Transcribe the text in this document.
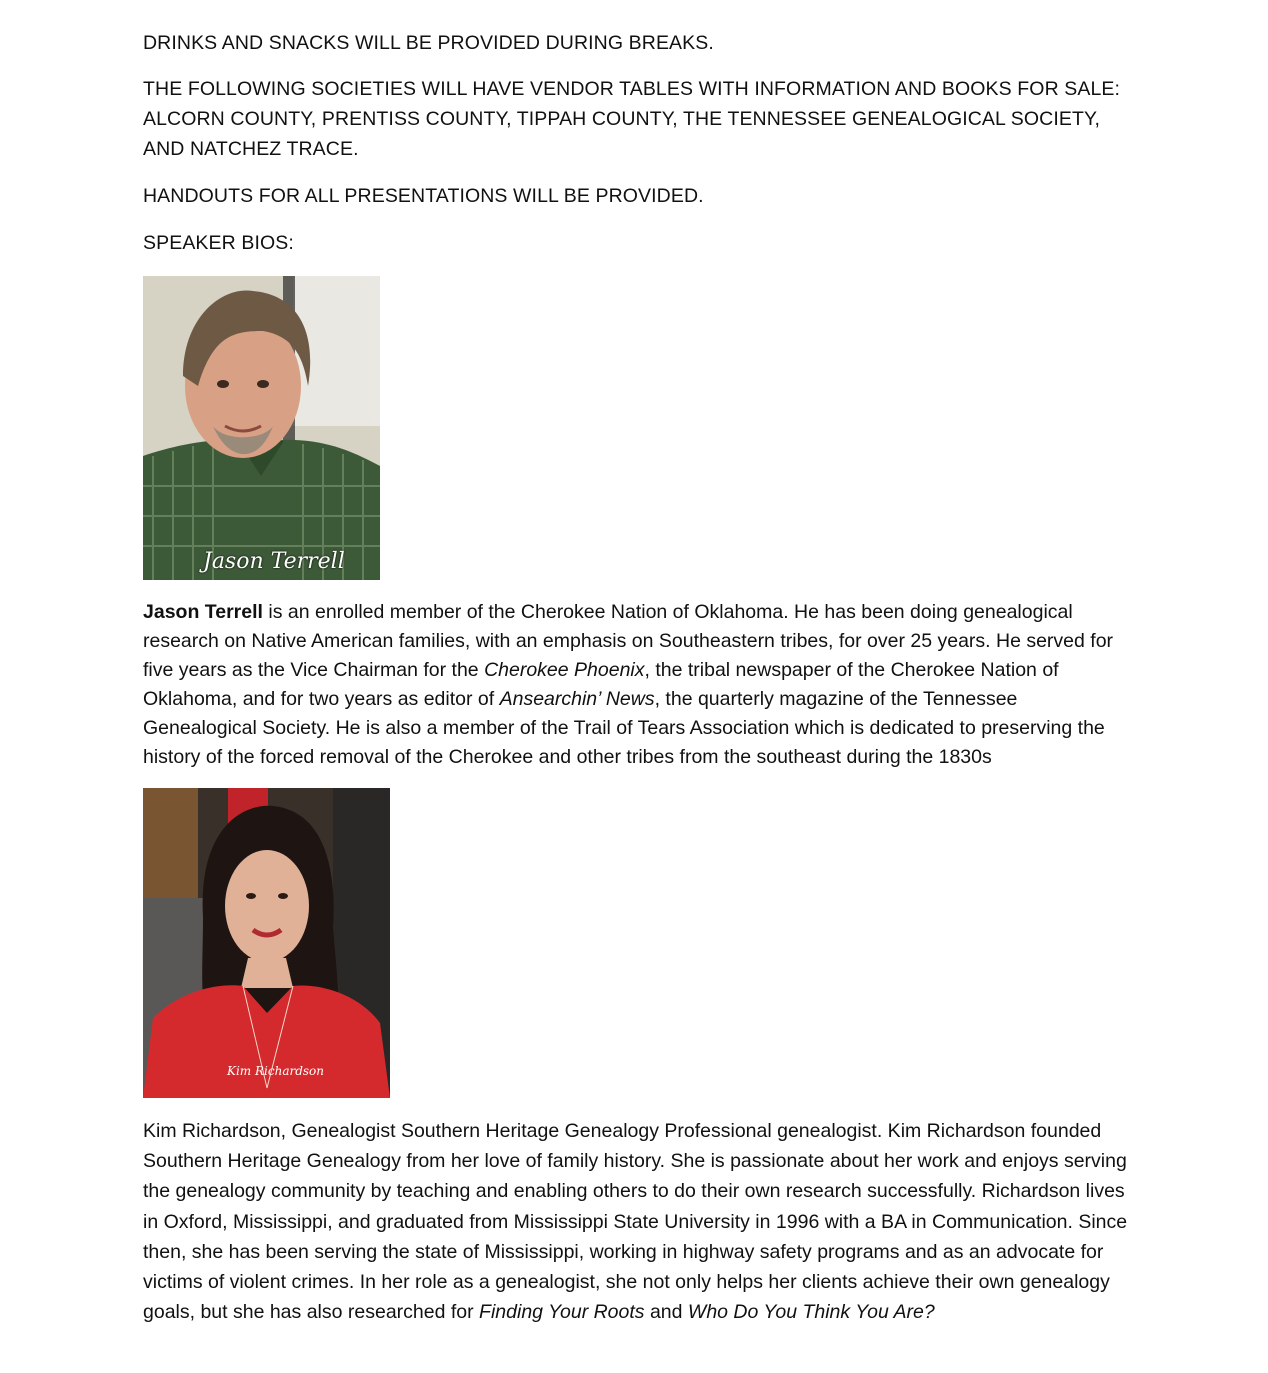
DRINKS AND SNACKS WILL BE PROVIDED DURING BREAKS.

THE FOLLOWING SOCIETIES WILL HAVE VENDOR TABLES WITH INFORMATION AND BOOKS FOR SALE: ALCORN COUNTY, PRENTISS COUNTY, TIPPAH COUNTY, THE TENNESSEE GENEALOGICAL SOCIETY, AND NATCHEZ TRACE.

HANDOUTS FOR ALL PRESENTATIONS WILL BE PROVIDED.

SPEAKER BIOS:

Jason Terrell

Jason Terrell is an enrolled member of the Cherokee Nation of Oklahoma. He has been doing genealogical research on Native American families, with an emphasis on Southeastern tribes, for over 25 years. He served for five years as the Vice Chairman for the Cherokee Phoenix, the tribal newspaper of the Cherokee Nation of Oklahoma, and for two years as editor of Ansearchin’ News, the quarterly magazine of the Tennessee Genealogical Society. He is also a member of the Trail of Tears Association which is dedicated to preserving the history of the forced removal of the Cherokee and other tribes from the southeast during the 1830s

Kim Richardson

Kim Richardson, Genealogist Southern Heritage Genealogy Professional genealogist. Kim Richardson founded Southern Heritage Genealogy from her love of family history. She is passionate about her work and enjoys serving the genealogy community by teaching and enabling others to do their own research successfully. Richardson lives in Oxford, Mississippi, and graduated from Mississippi State University in 1996 with a BA in Communication. Since then, she has been serving the state of Mississippi, working in highway safety programs and as an advocate for victims of violent crimes. In her role as a genealogist, she not only helps her clients achieve their own genealogy goals, but she has also researched for Finding Your Roots and Who Do You Think You Are?
